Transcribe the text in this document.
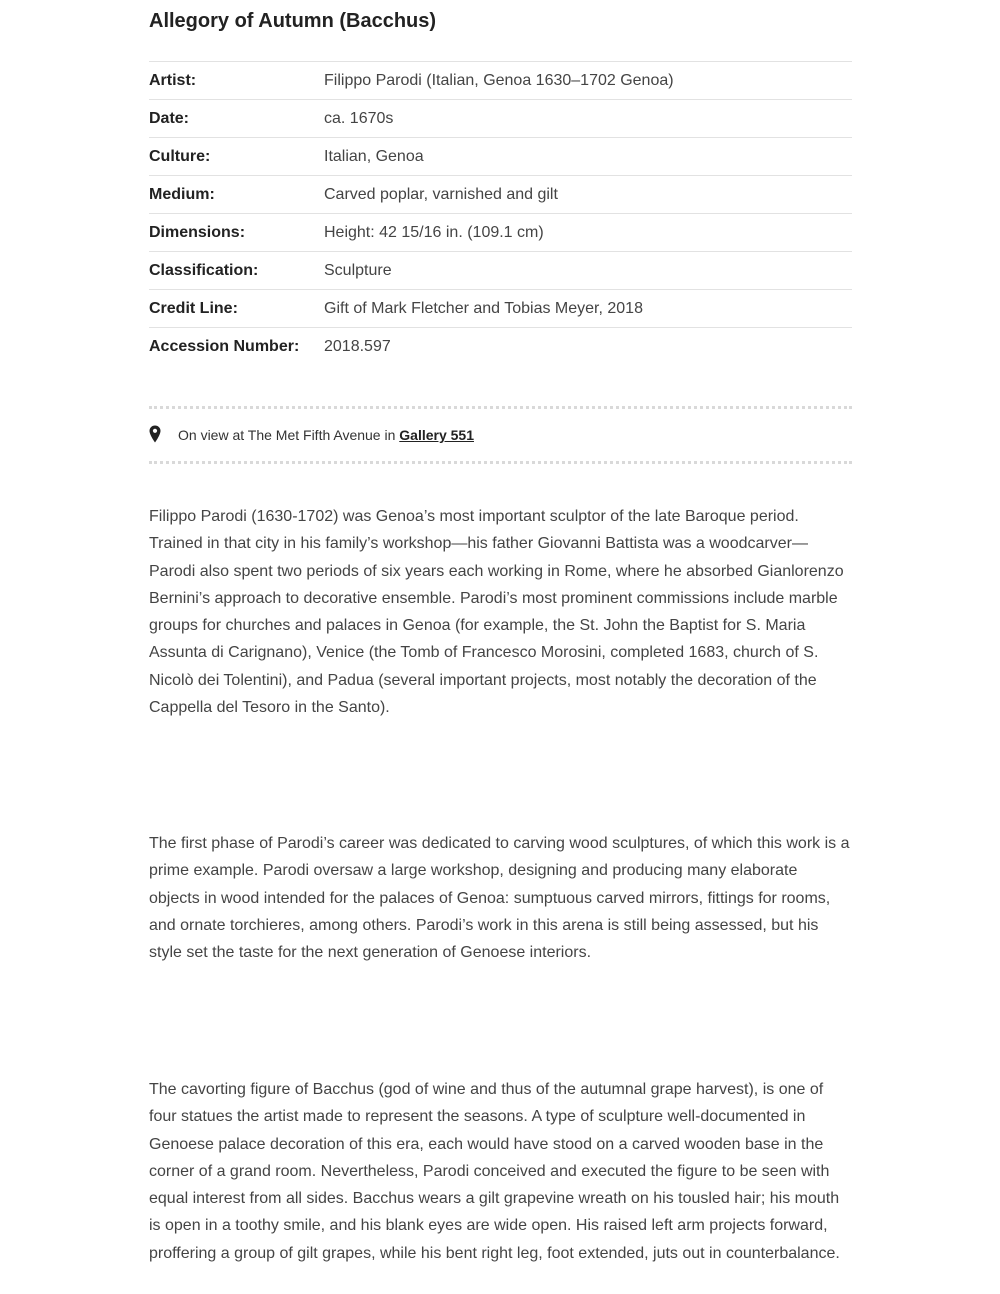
Allegory of Autumn (Bacchus)
Artist:	Filippo Parodi (Italian, Genoa 1630–1702 Genoa)
Date:	ca. 1670s
Culture:	Italian, Genoa
Medium:	Carved poplar, varnished and gilt
Dimensions:	Height: 42 15/16 in. (109.1 cm)
Classification:	Sculpture
Credit Line:	Gift of Mark Fletcher and Tobias Meyer, 2018
Accession Number:	2018.597
On view at The Met Fifth Avenue in Gallery 551

Filippo Parodi (1630-1702) was Genoa’s most important sculptor of the late Baroque period. Trained in that city in his family’s workshop—his father Giovanni Battista was a woodcarver—Parodi also spent two periods of six years each working in Rome, where he absorbed Gianlorenzo Bernini’s approach to decorative ensemble. Parodi’s most prominent commissions include marble groups for churches and palaces in Genoa (for example, the St. John the Baptist for S. Maria Assunta di Carignano), Venice (the Tomb of Francesco Morosini, completed 1683, church of S. Nicolò dei Tolentini), and Padua (several important projects, most notably the decoration of the Cappella del Tesoro in the Santo).

The first phase of Parodi’s career was dedicated to carving wood sculptures, of which this work is a prime example. Parodi oversaw a large workshop, designing and producing many elaborate objects in wood intended for the palaces of Genoa: sumptuous carved mirrors, fittings for rooms, and ornate torchieres, among others. Parodi’s work in this arena is still being assessed, but his style set the taste for the next generation of Genoese interiors.

The cavorting figure of Bacchus (god of wine and thus of the autumnal grape harvest), is one of four statues the artist made to represent the seasons. A type of sculpture well-documented in Genoese palace decoration of this era, each would have stood on a carved wooden base in the corner of a grand room. Nevertheless, Parodi conceived and executed the figure to be seen with equal interest from all sides. Bacchus wears a gilt grapevine wreath on his tousled hair; his mouth is open in a toothy smile, and his blank eyes are wide open. His raised left arm projects forward, proffering a group of gilt grapes, while his bent right leg, foot extended, juts out in counterbalance.
